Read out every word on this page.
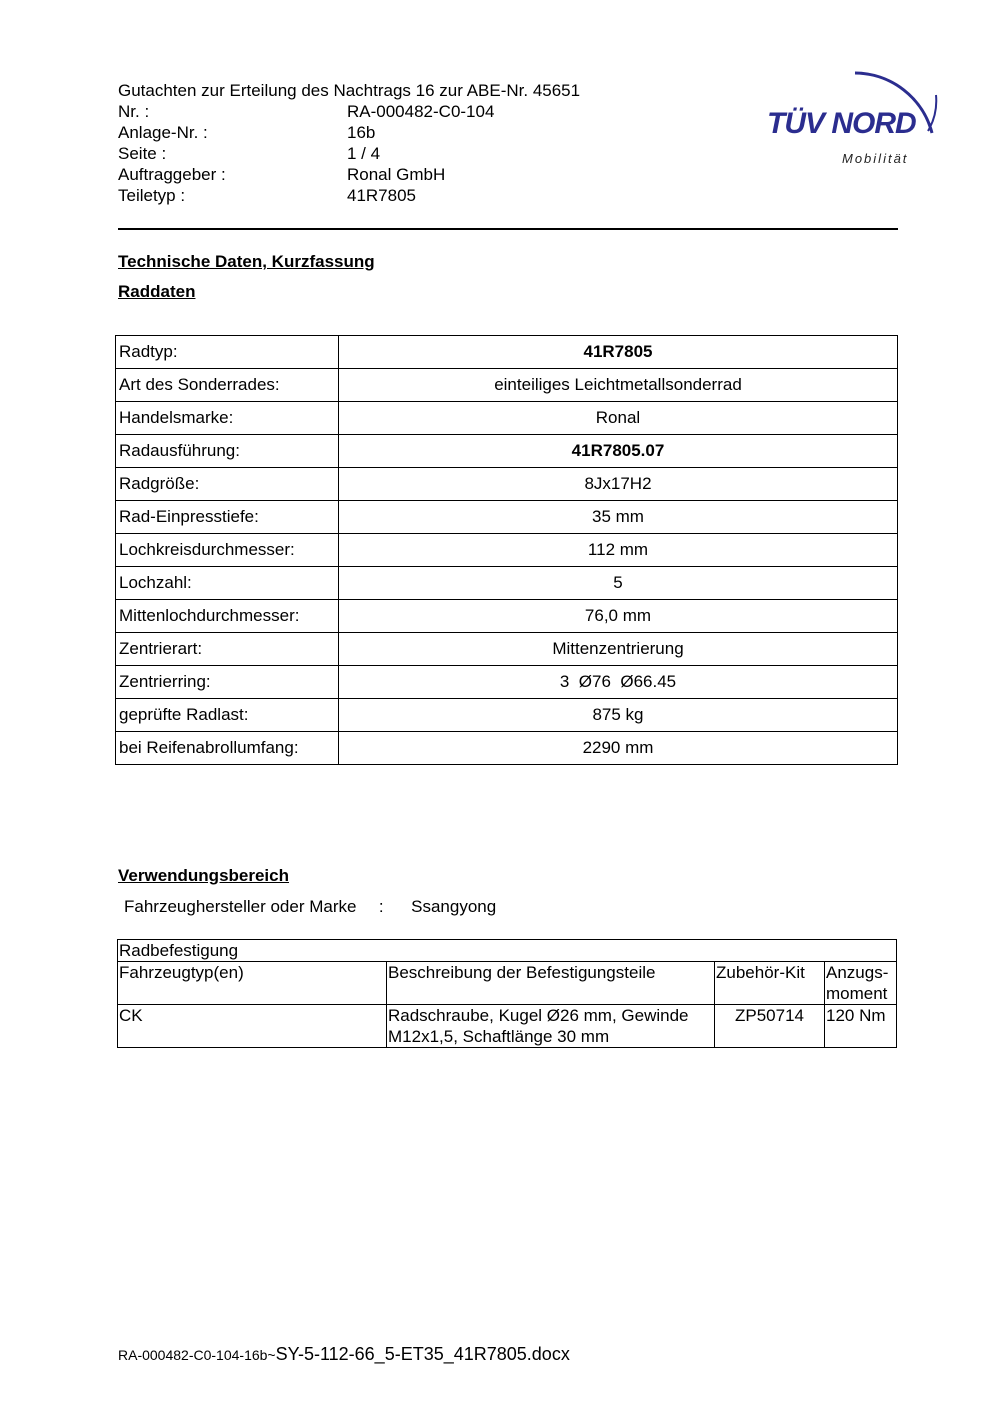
Gutachten zur Erteilung des Nachtrags 16 zur ABE-Nr. 45651
Nr. :	RA-000482-C0-104
Anlage-Nr. :	16b
Seite :	1 / 4
Auftraggeber :	Ronal GmbH
Teiletyp :	41R7805
TÜV NORD
Mobilität
Technische Daten, Kurzfassung
Raddaten
Radtyp:	41R7805
Art des Sonderrades:	einteiliges Leichtmetallsonderrad
Handelsmarke:	Ronal
Radausführung:	41R7805.07
Radgröße:	8Jx17H2
Rad-Einpresstiefe:	35 mm
Lochkreisdurchmesser:	112 mm
Lochzahl:	5
Mittenlochdurchmesser:	76,0 mm
Zentrierart:	Mittenzentrierung
Zentrierring:	3  Ø76  Ø66.45
geprüfte Radlast:	875 kg
bei Reifenabrollumfang:	2290 mm
Verwendungsbereich
Fahrzeughersteller oder Marke : Ssangyong
Radbefestigung			
Fahrzeugtyp(en)	Beschreibung der Befestigungsteile	Zubehör-Kit	Anzugs-
moment
CK	Radschraube, Kugel Ø26 mm, Gewinde
M12x1,5, Schaftlänge 30 mm	ZP50714	120 Nm
RA-000482-C0-104-16b~SY-5-112-66_5-ET35_41R7805.docx
